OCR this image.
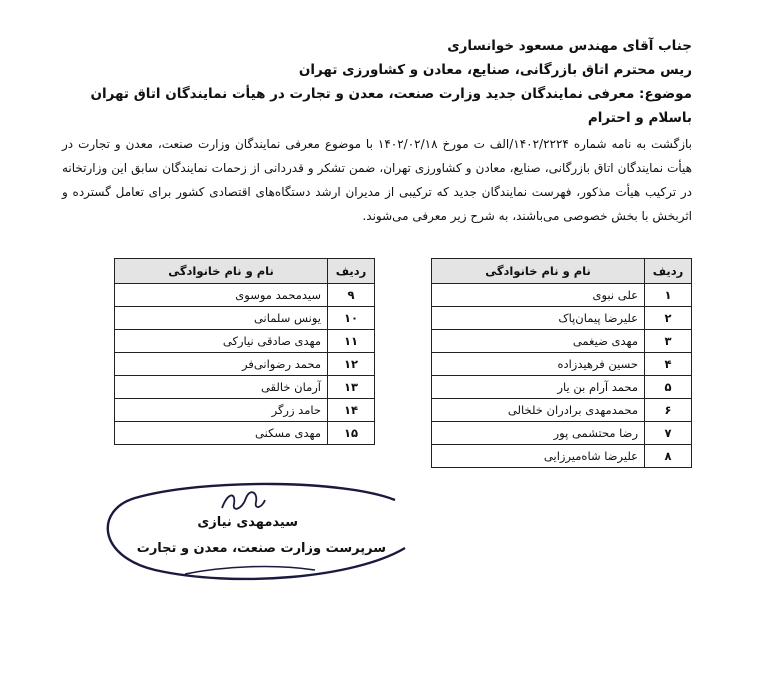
جناب آقای مهندس مسعود خوانساری
ریس محترم اتاق بازرگانی، صنایع، معادن و کشاورزی تهران
موضوع: معرفی نمایندگان جدید وزارت صنعت، معدن و تجارت در هیأت نمایندگان اتاق تهران
باسلام و احترام
بازگشت به نامه شماره ۱۴۰۲/۲۲۲۴/الف ت مورخ ۱۴۰۲/۰۲/۱۸ با موضوع معرفی نمایندگان وزارت صنعت، معدن و تجارت در هیأت نمایندگان اتاق بازرگانی، صنایع، معادن و کشاورزی تهران، ضمن تشکر و قدردانی از زحمات نمایندگان سابق این وزارتخانه در ترکیب هیأت مذکور، فهرست نمایندگان جدید که ترکیبی از مدیران ارشد دستگاه‌های اقتصادی کشور برای تعامل گسترده و اثربخش با بخش خصوصی می‌باشند، به شرح زیر معرفی می‌شوند.
ردیف	نام و نام خانوادگی
۱	علی نبوی
۲	علیرضا پیمان‌پاک
۳	مهدی ضیغمی
۴	حسین فرهیدزاده
۵	محمد آرام بن یار
۶	محمدمهدی برادران خلخالی
۷	رضا محتشمی پور
۸	علیرضا شاه‌میرزایی
ردیف	نام و نام خانوادگی
۹	سیدمحمد موسوی
۱۰	یونس سلمانی
۱۱	مهدی صادقی نیارکی
۱۲	محمد رضوانی‌فر
۱۳	آرمان خالقی
۱۴	حامد زرگر
۱۵	مهدی مسکنی
سیدمهدی نیازی
سرپرست وزارت صنعت، معدن و تجارت
